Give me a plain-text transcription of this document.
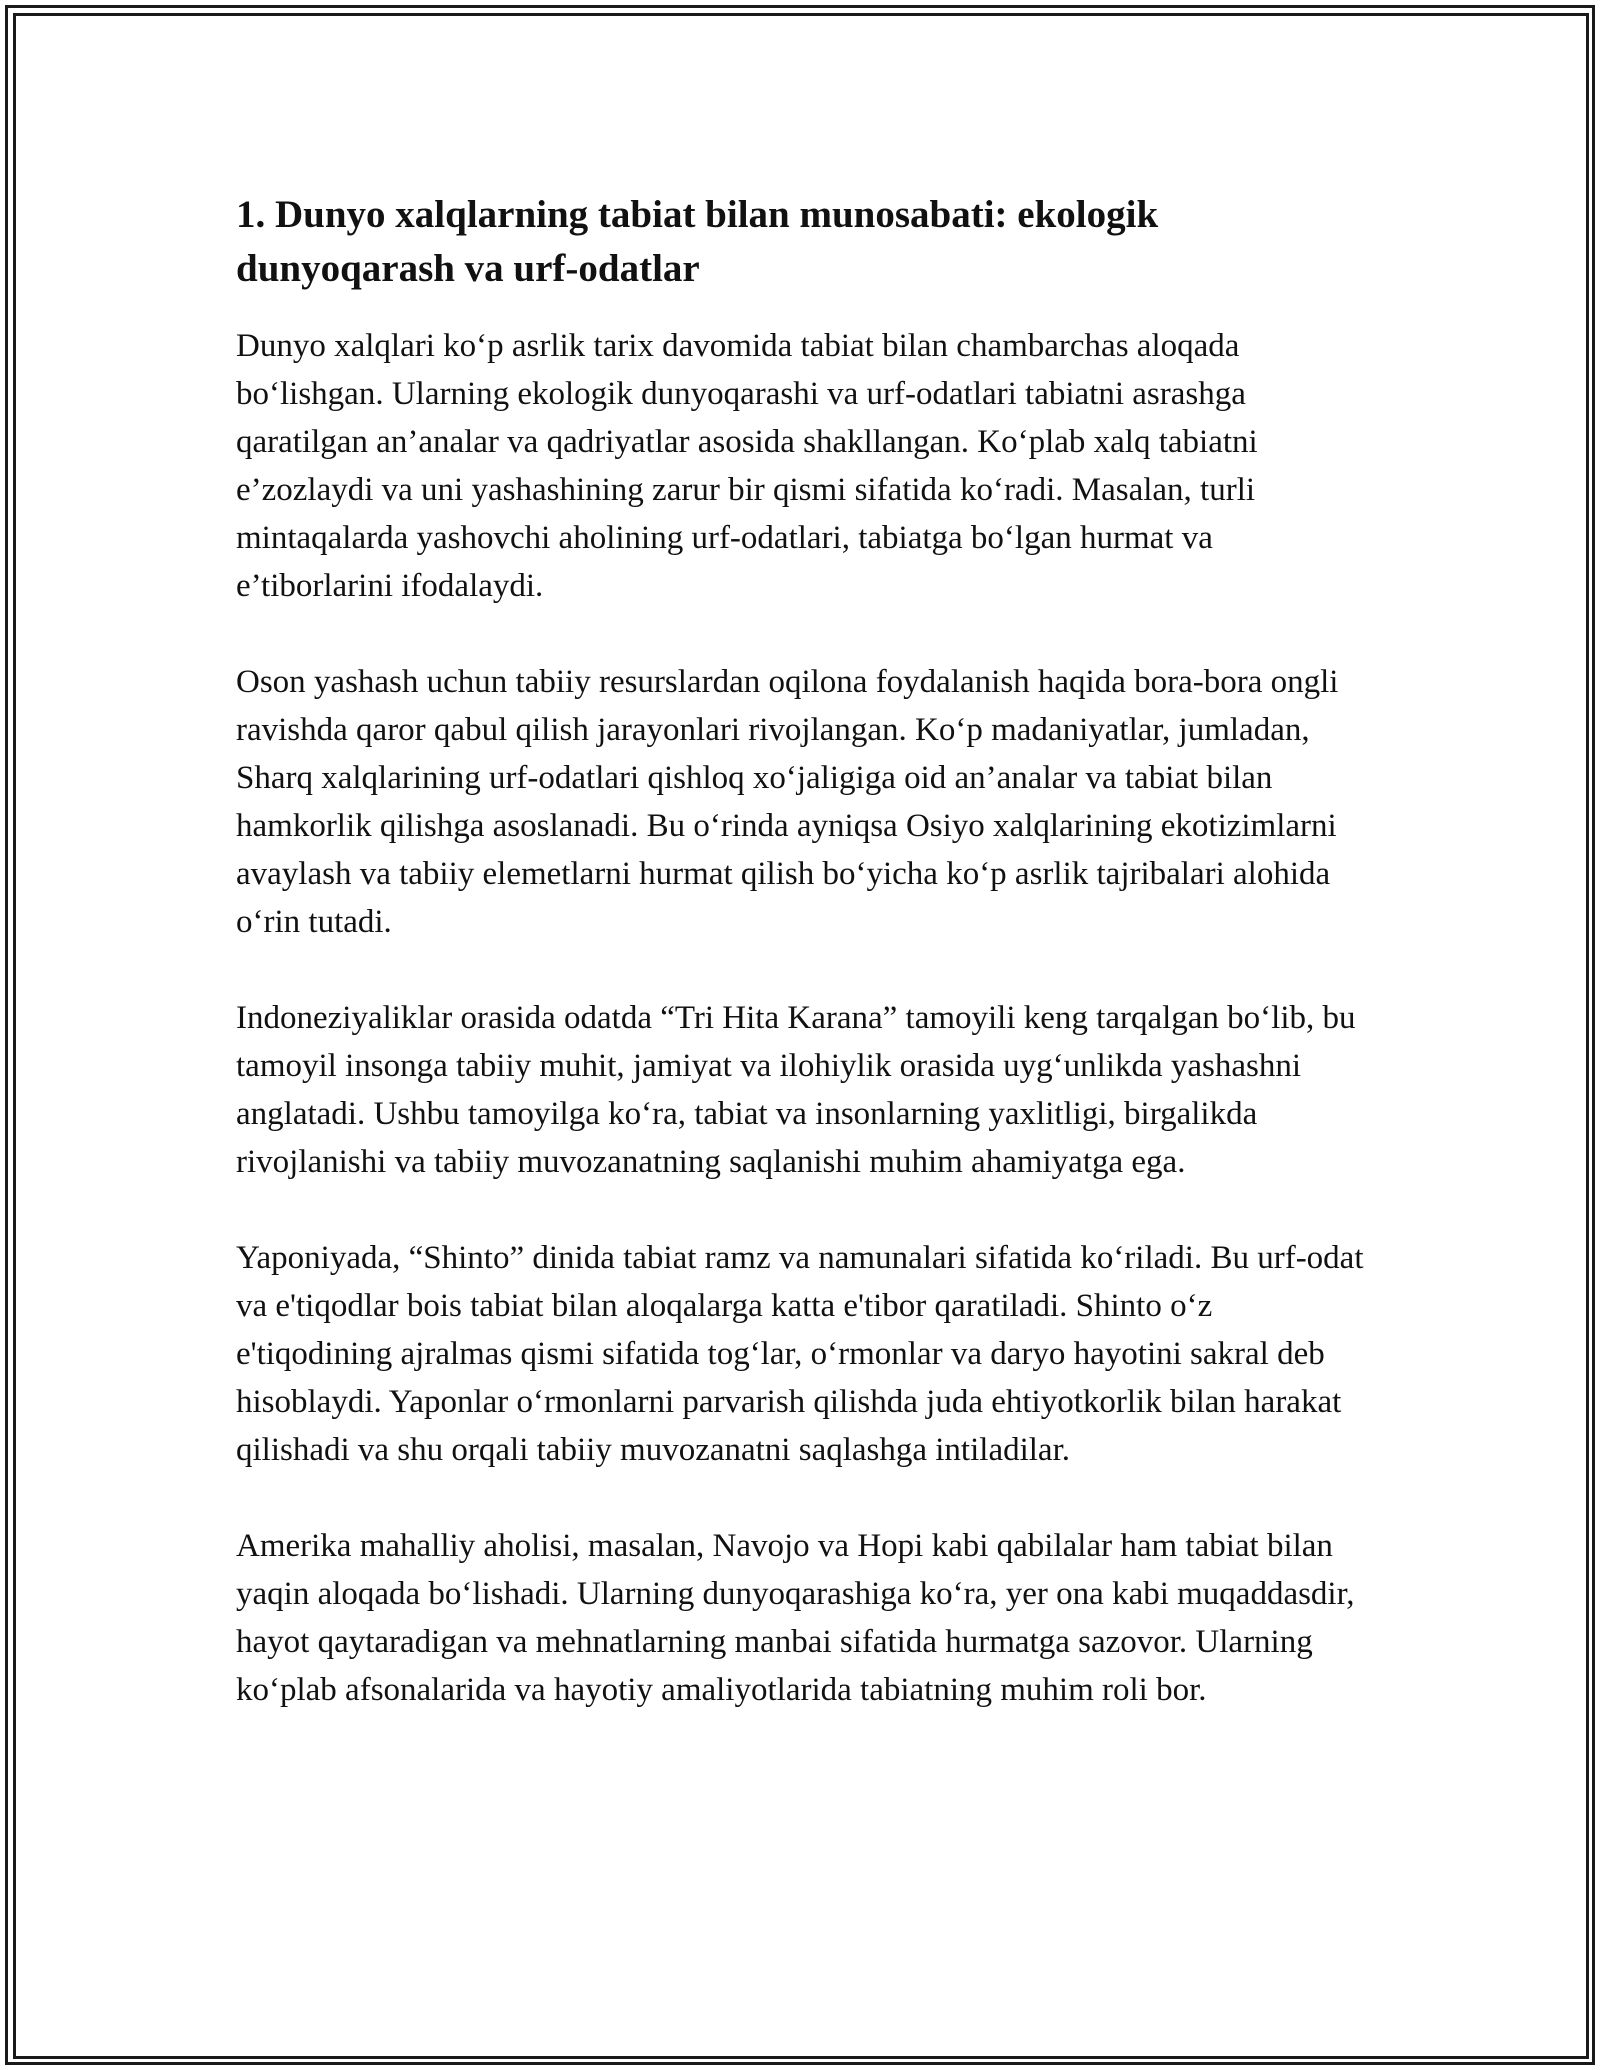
1. Dunyo xalqlarning tabiat bilan munosabati: ekologik dunyoqarash va urf-odatlar

Dunyo xalqlari ko‘p asrlik tarix davomida tabiat bilan chambarchas aloqada bo‘lishgan. Ularning ekologik dunyoqarashi va urf-odatlari tabiatni asrashga qaratilgan an’analar va qadriyatlar asosida shakllangan. Ko‘plab xalq tabiatni e’zozlaydi va uni yashashining zarur bir qismi sifatida ko‘radi. Masalan, turli mintaqalarda yashovchi aholining urf-odatlari, tabiatga bo‘lgan hurmat va e’tiborlarini ifodalaydi.

Oson yashash uchun tabiiy resurslardan oqilona foydalanish haqida bora-bora ongli ravishda qaror qabul qilish jarayonlari rivojlangan. Ko‘p madaniyatlar, jumladan, Sharq xalqlarining urf-odatlari qishloq xo‘jaligiga oid an’analar va tabiat bilan hamkorlik qilishga asoslanadi. Bu o‘rinda ayniqsa Osiyo xalqlarining ekotizimlarni avaylash va tabiiy elemetlarni hurmat qilish bo‘yicha ko‘p asrlik tajribalari alohida o‘rin tutadi.

Indoneziyaliklar orasida odatda “Tri Hita Karana” tamoyili keng tarqalgan bo‘lib, bu tamoyil insonga tabiiy muhit, jamiyat va ilohiylik orasida uyg‘unlikda yashashni anglatadi. Ushbu tamoyilga ko‘ra, tabiat va insonlarning yaxlitligi, birgalikda rivojlanishi va tabiiy muvozanatning saqlanishi muhim ahamiyatga ega.

Yaponiyada, “Shinto” dinida tabiat ramz va namunalari sifatida ko‘riladi. Bu urf-odat va e'tiqodlar bois tabiat bilan aloqalarga katta e'tibor qaratiladi. Shinto o‘z e'tiqodining ajralmas qismi sifatida tog‘lar, o‘rmonlar va daryo hayotini sakral deb hisoblaydi. Yaponlar o‘rmonlarni parvarish qilishda juda ehtiyotkorlik bilan harakat qilishadi va shu orqali tabiiy muvozanatni saqlashga intiladilar.

Amerika mahalliy aholisi, masalan, Navojo va Hopi kabi qabilalar ham tabiat bilan yaqin aloqada bo‘lishadi. Ularning dunyoqarashiga ko‘ra, yer ona kabi muqaddasdir, hayot qaytaradigan va mehnatlarning manbai sifatida hurmatga sazovor. Ularning ko‘plab afsonalarida va hayotiy amaliyotlarida tabiatning muhim roli bor.
